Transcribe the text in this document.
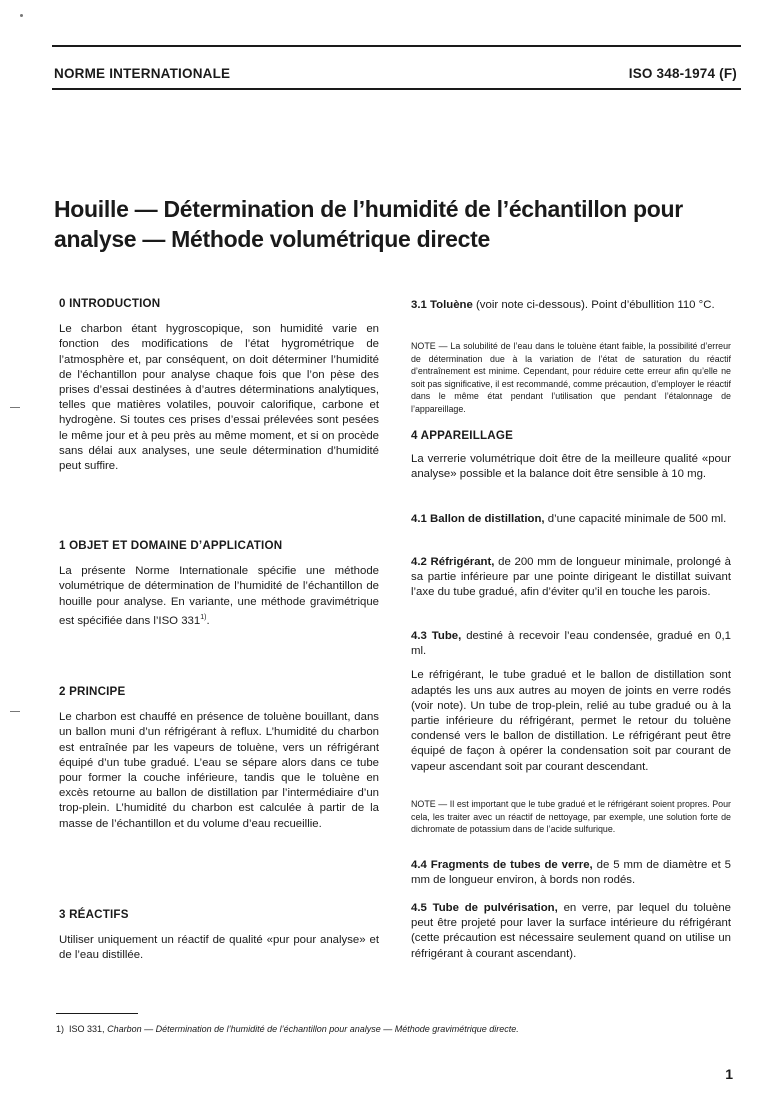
NORME INTERNATIONALE	ISO 348-1974 (F)
Houille — Détermination de l’humidité de l’échantillon pour
analyse — Méthode volumétrique directe

0 INTRODUCTION

Le charbon étant hygroscopique, son humidité varie en fonction des modifications de l’état hygrométrique de l’atmosphère et, par conséquent, on doit déterminer l’humidité de l’échantillon pour analyse chaque fois que l’on pèse des prises d’essai destinées à d’autres déterminations analytiques, telles que matières volatiles, pouvoir calorifique, carbone et hydrogène. Si toutes ces prises d’essai prélevées sont pesées le même jour et à peu près au même moment, et si on procède sans délai aux analyses, une seule détermination d’humidité peut suffire.

1 OBJET ET DOMAINE D’APPLICATION

La présente Norme Internationale spécifie une méthode volumétrique de détermination de l’humidité de l’échantillon de houille pour analyse. En variante, une méthode gravimétrique est spécifiée dans l’ISO 331$^{1)}$.

2 PRINCIPE

Le charbon est chauffé en présence de toluène bouillant, dans un ballon muni d’un réfrigérant à reflux. L’humidité du charbon est entraînée par les vapeurs de toluène, vers un réfrigérant équipé d’un tube gradué. L’eau se sépare alors dans ce tube pour former la couche inférieure, tandis que le toluène en excès retourne au ballon de distillation par l’intermédiaire d’un trop-plein. L’humidité du charbon est calculée à partir de la masse de l’échantillon et du volume d’eau recueillie.

3 RÉACTIFS

Utiliser uniquement un réactif de qualité «pur pour analyse» et de l’eau distillée.

3.1 Toluène (voir note ci-dessous). Point d’ébullition 110 °C.

NOTE — La solubilité de l’eau dans le toluène étant faible, la possibilité d’erreur de détermination due à la variation de l’état de saturation du réactif d’entraînement est minime. Cependant, pour réduire cette erreur afin qu’elle ne soit pas significative, il est recommandé, comme précaution, d’employer le réactif dans le même état pendant l’utilisation que pendant l’étalonnage de l’appareillage.

4 APPAREILLAGE

La verrerie volumétrique doit être de la meilleure qualité «pour analyse» possible et la balance doit être sensible à 10 mg.

4.1 Ballon de distillation, d’une capacité minimale de 500 ml.

4.2 Réfrigérant, de 200 mm de longueur minimale, prolongé à sa partie inférieure par une pointe dirigeant le distillat suivant l’axe du tube gradué, afin d’éviter qu’il en touche les parois.

4.3 Tube, destiné à recevoir l’eau condensée, gradué en 0,1 ml.

Le réfrigérant, le tube gradué et le ballon de distillation sont adaptés les uns aux autres au moyen de joints en verre rodés (voir note). Un tube de trop-plein, relié au tube gradué ou à la partie inférieure du réfrigérant, permet le retour du toluène condensé vers le ballon de distillation. Le réfrigérant peut être équipé de façon à opérer la condensation soit par courant de vapeur ascendant soit par courant descendant.

NOTE — Il est important que le tube gradué et le réfrigérant soient propres. Pour cela, les traiter avec un réactif de nettoyage, par exemple, une solution forte de dichromate de potassium dans de l’acide sulfurique.

4.4 Fragments de tubes de verre, de 5 mm de diamètre et 5 mm de longueur environ, à bords non rodés.

4.5 Tube de pulvérisation, en verre, par lequel du toluène peut être projeté pour laver la surface intérieure du réfrigérant (cette précaution est nécessaire seulement quand on utilise un réfrigérant à courant ascendant).

1) ISO 331, Charbon — Détermination de l’humidité de l’échantillon pour analyse — Méthode gravimétrique directe.
1
